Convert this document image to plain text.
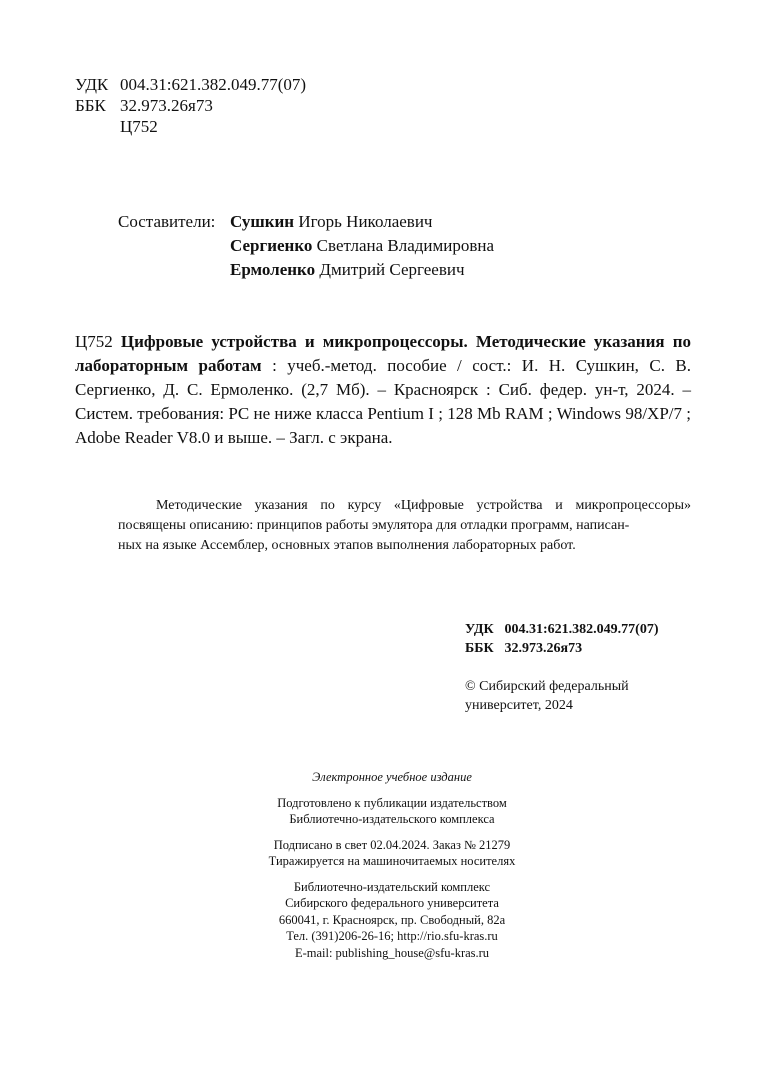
УДК 004.31:621.382.049.77(07)
ББК 32.973.26я73
Ц752
Составители: Сушкин Игорь Николаевич
Сергиенко Светлана Владимировна
Ермоленко Дмитрий Сергеевич
Ц752 Цифровые устройства и микропроцессоры. Методические указания по лабораторным работам : учеб.-метод. пособие / сост.: И. Н. Сушкин, С. В. Сергиенко, Д. С. Ермоленко. (2,7 Мб). – Красноярск : Сиб. федер. ун-т, 2024. – Систем. требования: PC не ниже класса Pentium I ; 128 Mb RAM ; Windows 98/XP/7 ; Adobe Reader V8.0 и выше. – Загл. с экрана.
Методические указания по курсу «Цифровые устройства и микропроцессоры» посвящены описанию: принципов работы эмулятора для отладки программ, написан-
ных на языке Ассемблер, основных этапов выполнения лабораторных работ.
УДК 004.31:621.382.049.77(07)
ББК 32.973.26я73
© Сибирский федеральный
университет, 2024
Электронное учебное издание
Подготовлено к публикации издательством
Библиотечно-издательского комплекса
Подписано в свет 02.04.2024. Заказ № 21279
Тиражируется на машиночитаемых носителях
Библиотечно-издательский комплекс
Сибирского федерального университета
660041, г. Красноярск, пр. Свободный, 82а
Тел. (391)206-26-16; http://rio.sfu-kras.ru
E-mail: publishing_house@sfu-kras.ru
